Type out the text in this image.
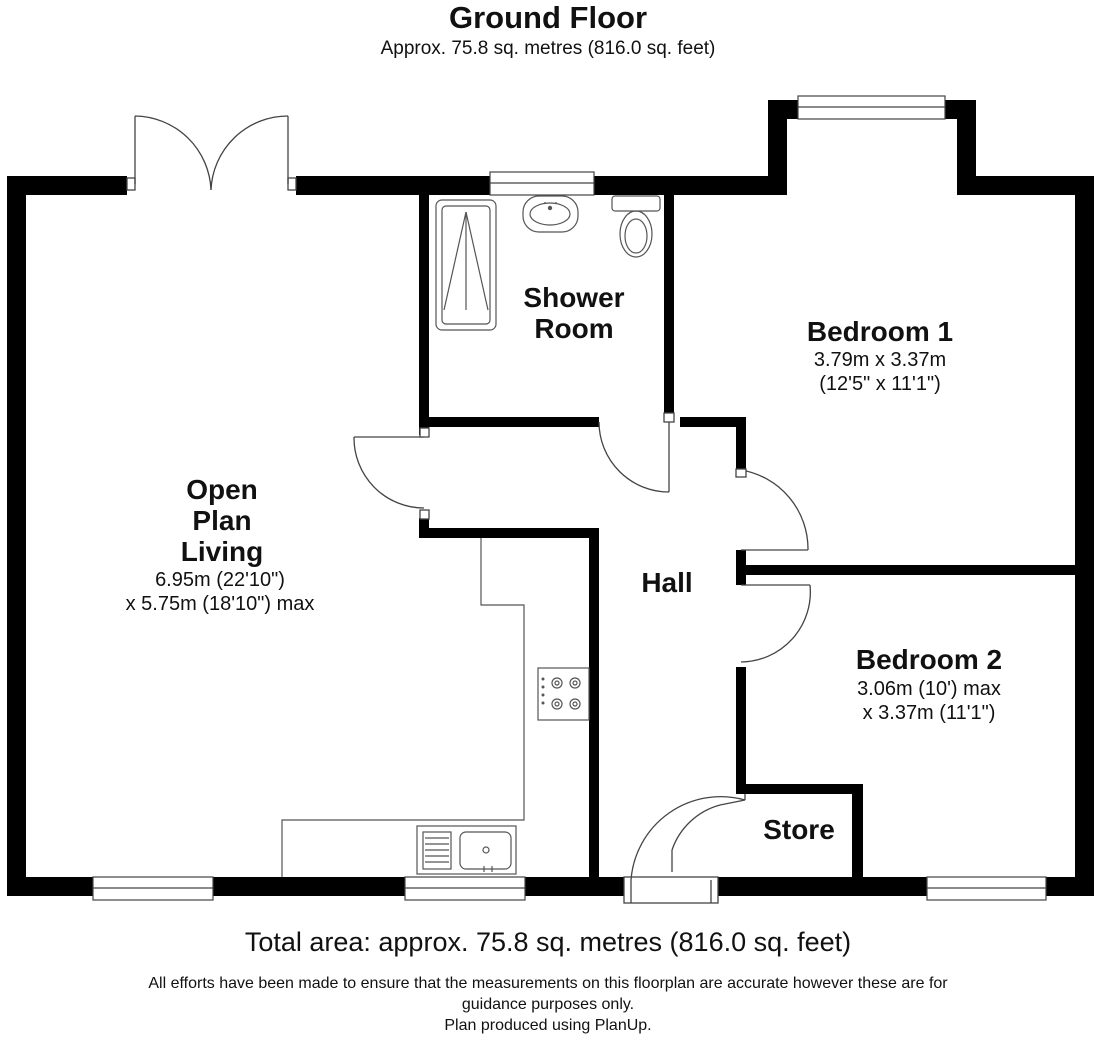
Ground Floor
Approx. 75.8 sq. metres (816.0 sq. feet)
Open
Plan
Living
6.95m (22'10")
x 5.75m (18'10") max
Shower
Room	Bedroom 1
3.79m x 3.37m
(12'5" x 11'1")
Hall
Bedroom 2
3.06m (10') max
x 3.37m (11'1")
Store
Total area: approx. 75.8 sq. metres (816.0 sq. feet)
All efforts have been made to ensure that the measurements on this floorplan are accurate however these are for
guidance purposes only.
Plan produced using PlanUp.
